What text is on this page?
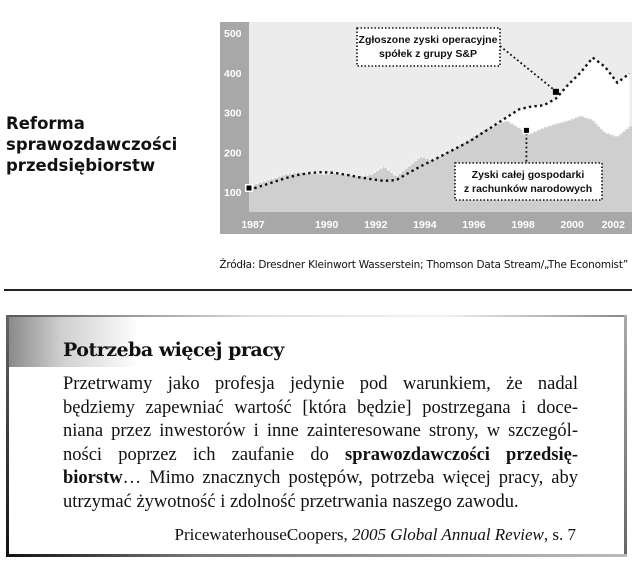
Reforma
sprawozdawczości
przedsiębiorstw
500
400
300
200
100
1987	1990 1992 1994 1996 1998 2000 2002
Zgłoszone zyski operacyjne
spółek z grupy S&P
Zyski całej gospodarki
z rachunków narodowych
Źródła: Dresdner Kleinwort Wasserstein; Thomson Data Stream/„The Economist”
Potrzeba więcej pracy
Przetrwamy jako profesja jedynie pod warunkiem, że nadal
będziemy zapewniać wartość [która będzie] postrzegana i doce-
niana przez inwestorów i inne zainteresowane strony, w szczegól-
ności poprzez ich zaufanie do sprawozdawczości przedsię-
biorstw… Mimo znacznych postępów, potrzeba więcej pracy, aby
utrzymać żywotność i zdolność przetrwania naszego zawodu.
PricewaterhouseCoopers, 2005 Global Annual Review, s. 7
